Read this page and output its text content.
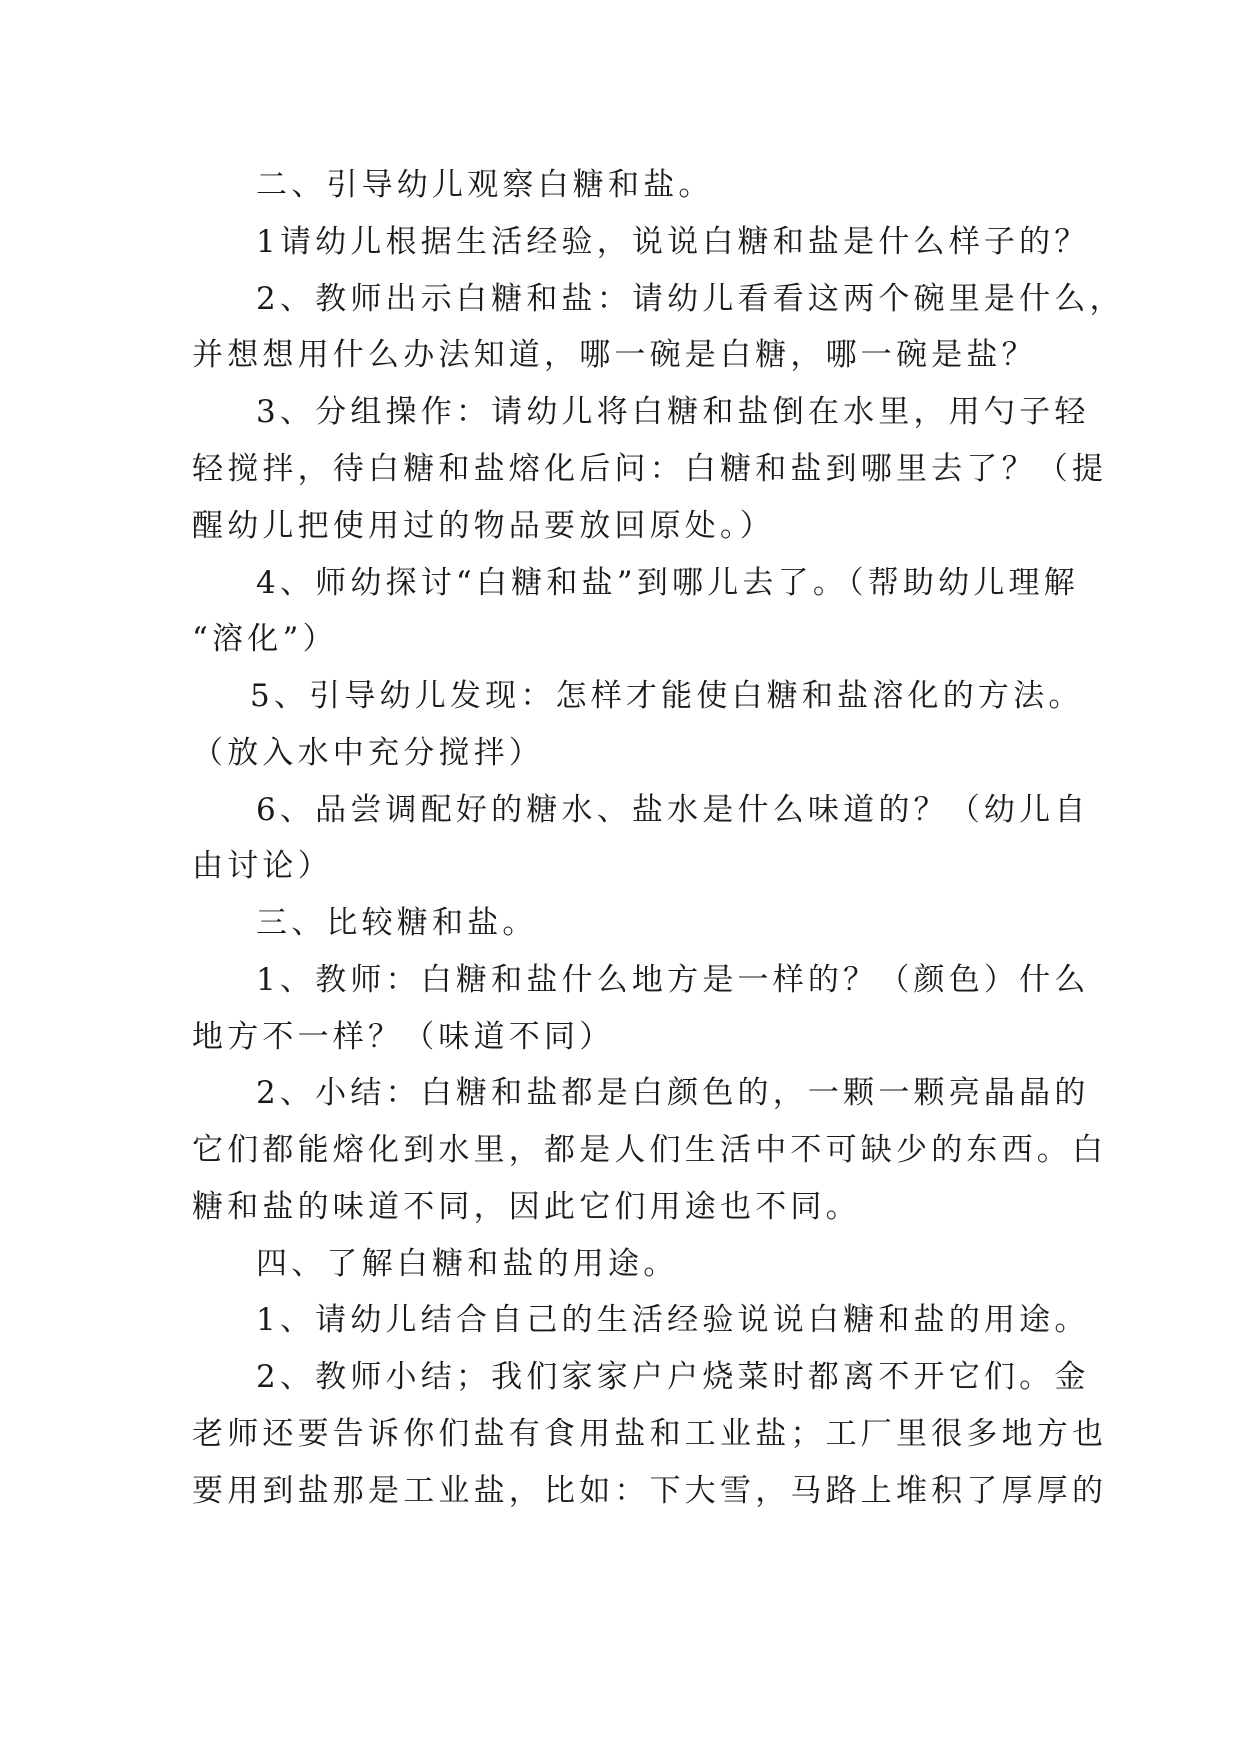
二、引导幼儿观察白糖和盐。
1请幼儿根据生活经验，说说白糖和盐是什么样子的？
2、教师出示白糖和盐：请幼儿看看这两个碗里是什么，
并想想用什么办法知道，哪一碗是白糖，哪一碗是盐？
3、分组操作：请幼儿将白糖和盐倒在水里，用勺子轻
轻搅拌，待白糖和盐熔化后问：白糖和盐到哪里去了？（提
醒幼儿把使用过的物品要放回原处。）
4、师幼探讨“白糖和盐”到哪儿去了。（帮助幼儿理解
“溶化”）
5、引导幼儿发现：怎样才能使白糖和盐溶化的方法。
（放入水中充分搅拌）
6、品尝调配好的糖水、盐水是什么味道的？（幼儿自
由讨论）
三、比较糖和盐。
1、教师：白糖和盐什么地方是一样的？（颜色）什么
地方不一样？（味道不同）
2、小结：白糖和盐都是白颜色的，一颗一颗亮晶晶的
它们都能熔化到水里，都是人们生活中不可缺少的东西。白
糖和盐的味道不同，因此它们用途也不同。
四、了解白糖和盐的用途。
1、请幼儿结合自己的生活经验说说白糖和盐的用途。
2、教师小结；我们家家户户烧菜时都离不开它们。金
老师还要告诉你们盐有食用盐和工业盐；工厂里很多地方也
要用到盐那是工业盐，比如：下大雪，马路上堆积了厚厚的
